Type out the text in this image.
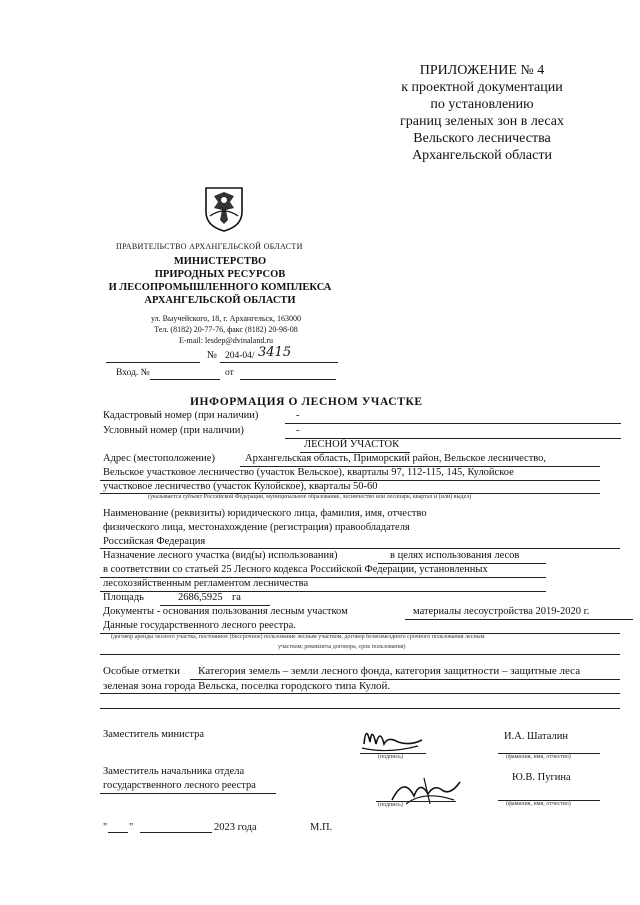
ПРИЛОЖЕНИЕ № 4
к проектной документации
по установлению
границ зеленых зон в лесах
Вельского лесничества
Архангельской области
ПРАВИТЕЛЬСТВО АРХАНГЕЛЬСКОЙ ОБЛАСТИ
МИНИСТЕРСТВО
ПРИРОДНЫХ РЕСУРСОВ
И ЛЕСОПРОМЫШЛЕННОГО КОМПЛЕКСА
АРХАНГЕЛЬСКОЙ ОБЛАСТИ
ул. Выучейского, 18, г. Архангельск, 163000
Тел. (8182) 20-77-76, факс (8182) 20-98-08
E-mail: lesdep@dvinaland.ru
№ 204-04/ 3415
Вход. №	от
ИНФОРМАЦИЯ О ЛЕСНОМ УЧАСТКЕ
Кадастровый номер (при наличии)	-
Условный номер (при наличии)	-
ЛЕСНОЙ УЧАСТОК
Адрес (местоположение)	Архангельская область, Приморский район, Вельское лесничество,
Вельское участковое лесничество (участок Вельское), кварталы 97, 112-115, 145, Кулойское
участковое лесничество (участок Кулойское), кварталы 50-60
(указывается субъект Российской Федерации, муниципальное образование, лесничество или лесопарк, квартал и (или) выдел)
Наименование (реквизиты) юридического лица, фамилия, имя, отчество
физического лица, местонахождение (регистрация) правообладателя
Российская Федерация
Назначение лесного участка (вид(ы) использования)	в целях использования лесов
в соответствии со статьей 25 Лесного кодекса Российской Федерации, установленных
лесохозяйственным регламентом лесничества
Площадь	2686,5925 га
Документы - основания пользования лесным участком	материалы лесоустройства 2019-2020 г.
Данные государственного лесного реестра.
(договор аренды лесного участка, постоянное (бессрочное) пользование лесным участком, договор безвозмездного срочного пользования лесным
участком; реквизиты договора, срок пользования)
Особые отметки Категория земель – земли лесного фонда, категория защитности – защитные леса
зеленая зона города Вельска, поселка городского типа Кулой.
Заместитель министра
(подпись)
И.А. Шаталин
(фамилия, имя, отчество)
Заместитель начальника отдела
государственного лесного реестра
(подпись)
Ю.В. Пугина
(фамилия, имя, отчество)
" "	2023 года	М.П.
